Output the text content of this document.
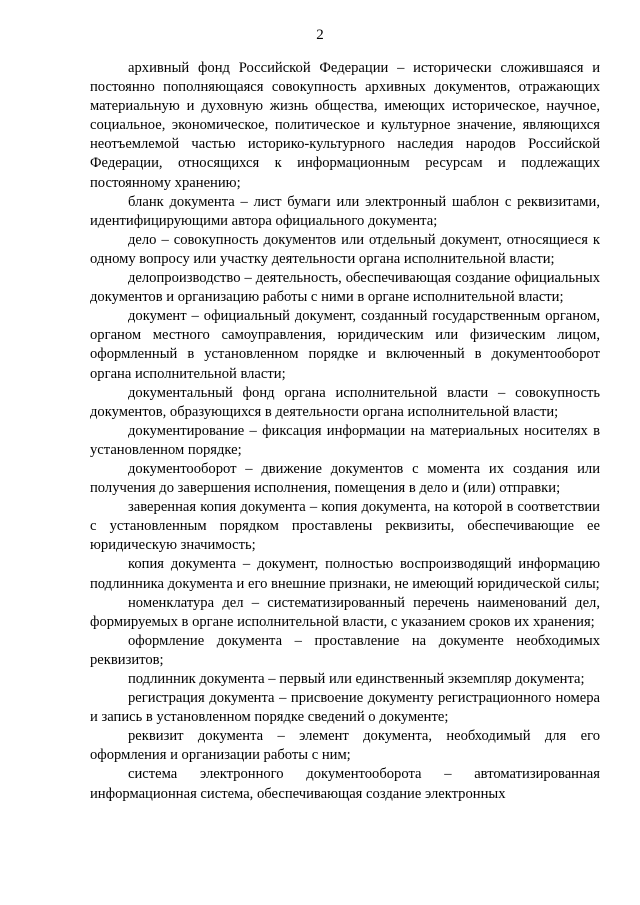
2

архивный фонд Российской Федерации – исторически сложившаяся и постоянно пополняющаяся совокупность архивных документов, отражающих материальную и духовную жизнь общества, имеющих историческое, научное, социальное, экономическое, политическое и культурное значение, являющихся неотъемлемой частью историко-культурного наследия народов Российской Федерации, относящихся к информационным ресурсам и подлежащих постоянному хранению;

бланк документа – лист бумаги или электронный шаблон с реквизитами, идентифицирующими автора официального документа;

дело – совокупность документов или отдельный документ, относящиеся к одному вопросу или участку деятельности органа исполнительной власти;

делопроизводство – деятельность, обеспечивающая создание официальных документов и организацию работы с ними в органе исполнительной власти;

документ – официальный документ, созданный государственным органом, органом местного самоуправления, юридическим или физическим лицом, оформленный в установленном порядке и включенный в документооборот органа исполнительной власти;

документальный фонд органа исполнительной власти – совокупность документов, образующихся в деятельности органа исполнительной власти;

документирование – фиксация информации на материальных носителях в установленном порядке;

документооборот – движение документов с момента их создания или получения до завершения исполнения, помещения в дело и (или) отправки;

заверенная копия документа – копия документа, на которой в соответствии с установленным порядком проставлены реквизиты, обеспечивающие ее юридическую значимость;

копия документа – документ, полностью воспроизводящий информацию подлинника документа и его внешние признаки, не имеющий юридической силы;

номенклатура дел – систематизированный перечень наименований дел, формируемых в органе исполнительной власти, с указанием сроков их хранения;

оформление документа – проставление на документе необходимых реквизитов;

подлинник документа – первый или единственный экземпляр документа;

регистрация документа – присвоение документу регистрационного номера и запись в установленном порядке сведений о документе;

реквизит документа – элемент документа, необходимый для его оформления и организации работы с ним;

система электронного документооборота – автоматизированная информационная система, обеспечивающая создание электронных
